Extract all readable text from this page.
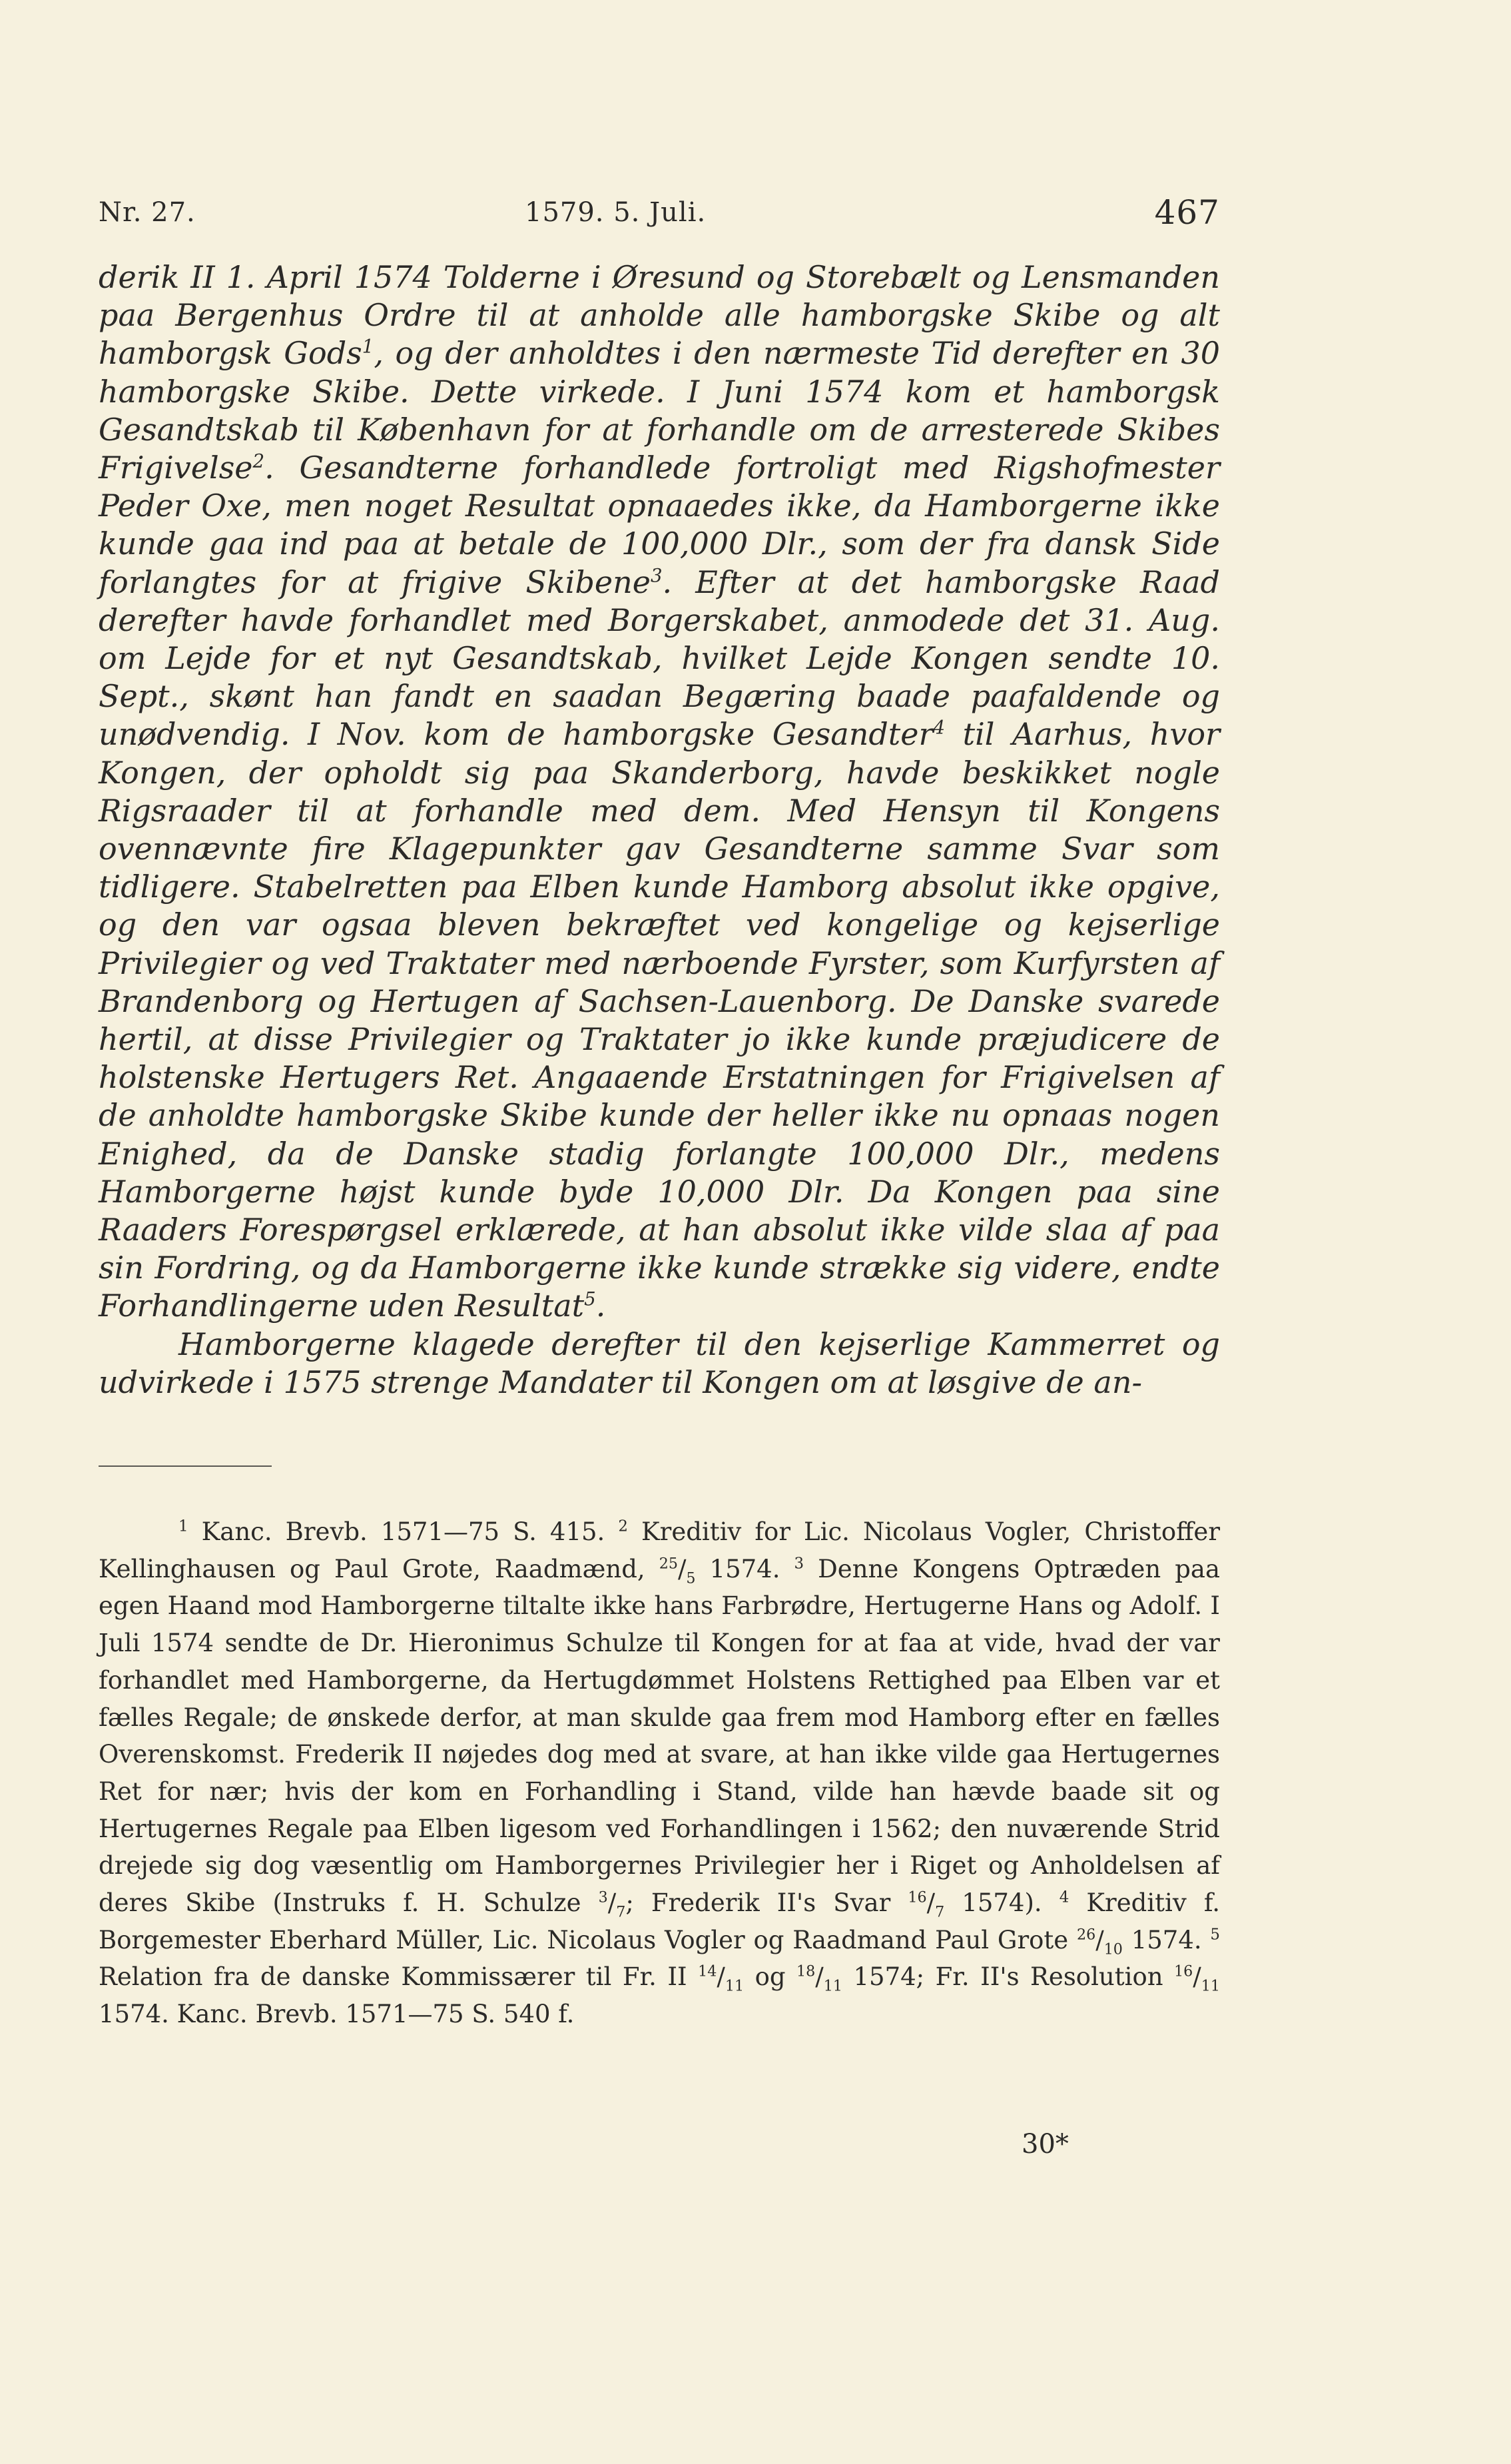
Nr. 27.	1579. 5. Juli.	467

derik II 1. April 1574 Tolderne i Øresund og Storebælt og Lensmanden paa Bergenhus Ordre til at anholde alle hamborgske Skibe og alt hamborgsk Gods$^1$, og der anholdtes i den nærmeste Tid derefter en 30 hamborgske Skibe. Dette virkede. I Juni 1574 kom et hamborgsk Gesandtskab til København for at forhandle om de arresterede Skibes Frigivelse$^2$. Gesandterne forhandlede fortroligt med Rigshofmester Peder Oxe, men noget Resultat opnaaedes ikke, da Hamborgerne ikke kunde gaa ind paa at betale de 100,000 Dlr., som der fra dansk Side forlangtes for at frigive Skibene$^3$. Efter at det hamborgske Raad derefter havde forhandlet med Borgerskabet, anmodede det 31. Aug. om Lejde for et nyt Gesandtskab, hvilket Lejde Kongen sendte 10. Sept., skønt han fandt en saadan Begæring baade paafaldende og unødvendig. I Nov. kom de hamborgske Gesandter$^4$ til Aarhus, hvor Kongen, der opholdt sig paa Skanderborg, havde beskikket nogle Rigsraader til at forhandle med dem. Med Hensyn til Kongens ovennævnte fire Klagepunkter gav Gesandterne samme Svar som tidligere. Stabelretten paa Elben kunde Hamborg absolut ikke opgive, og den var ogsaa bleven bekræftet ved kongelige og kejserlige Privilegier og ved Traktater med nærboende Fyrster, som Kurfyrsten af Brandenborg og Hertugen af Sachsen-Lauenborg. De Danske svarede hertil, at disse Privilegier og Traktater jo ikke kunde præjudicere de holstenske Hertugers Ret. Angaaende Erstatningen for Frigivelsen af de anholdte hamborgske Skibe kunde der heller ikke nu opnaas nogen Enighed, da de Danske stadig forlangte 100,000 Dlr., medens Hamborgerne højst kunde byde 10,000 Dlr. Da Kongen paa sine Raaders Forespørgsel erklærede, at han absolut ikke vilde slaa af paa sin Fordring, og da Hamborgerne ikke kunde strække sig videre, endte Forhandlingerne uden Resultat$^5$.

Hamborgerne klagede derefter til den kejserlige Kammerret og udvirkede i 1575 strenge Mandater til Kongen om at løsgive de an-

$^1$ Kanc. Brevb. 1571—75 S. 415. $^2$ Kreditiv for Lic. Nicolaus Vogler, Christoffer Kellinghausen og Paul Grote, Raadmænd, $^{25}/_5$ 1574. $^3$ Denne Kongens Optræden paa egen Haand mod Hamborgerne tiltalte ikke hans Farbrødre, Hertugerne Hans og Adolf. I Juli 1574 sendte de Dr. Hieronimus Schulze til Kongen for at faa at vide, hvad der var forhandlet med Hamborgerne, da Hertugdømmet Holstens Rettighed paa Elben var et fælles Regale; de ønskede derfor, at man skulde gaa frem mod Hamborg efter en fælles Overenskomst. Frederik II nøjedes dog med at svare, at han ikke vilde gaa Hertugernes Ret for nær; hvis der kom en Forhandling i Stand, vilde han hævde baade sit og Hertugernes Regale paa Elben ligesom ved Forhandlingen i 1562; den nuværende Strid drejede sig dog væsentlig om Hamborgernes Privilegier her i Riget og Anholdelsen af deres Skibe (Instruks f. H. Schulze $^3/_7$; Frederik II's Svar $^{16}/_7$ 1574). $^4$ Kreditiv f. Borgemester Eberhard Müller, Lic. Nicolaus Vogler og Raadmand Paul Grote $^{26}/_{10}$ 1574. $^5$ Relation fra de danske Kommissærer til Fr. II $^{14}/_{11}$ og $^{18}/_{11}$ 1574; Fr. II's Resolution $^{16}/_{11}$ 1574. Kanc. Brevb. 1571—75 S. 540 f.

30*
